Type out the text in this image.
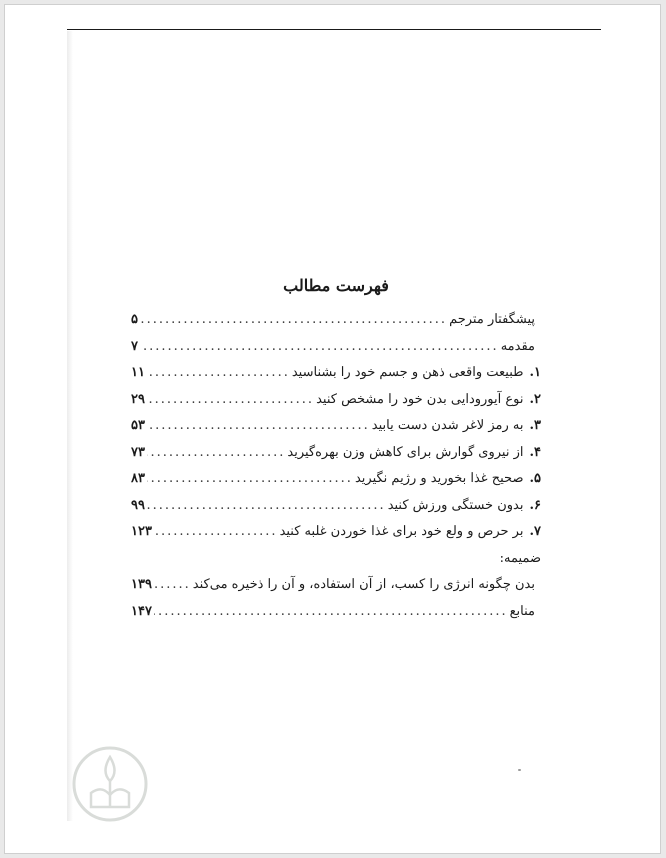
فهرست مطالب
پیشگفتار مترجم
.....
۵
مقدمه
.....
۷
۱.
طبیعت واقعی ذهن و جسم خود را بشناسید
.....
۱۱
۲.
نوع آیورودایی بدن خود را مشخص کنید
.....
۲۹
۳.
به رمز لاغر شدن دست یابید
.....
۵۳
۴.
از نیروی گوارش برای کاهش وزن بهره‌گیرید
.....
۷۳
۵.
صحیح غذا بخورید و رژیم نگیرید
.....
۸۳
۶.
بدون خستگی ورزش کنید
.....
۹۹
۷.
بر حرص و ولع خود برای غذا خوردن غلبه کنید
.....
۱۲۳
ضمیمه:
بدن چگونه انرژی را کسب، از آن استفاده، و آن را ذخیره می‌کند
.....
۱۳۹
منابع
.....
۱۴۷
